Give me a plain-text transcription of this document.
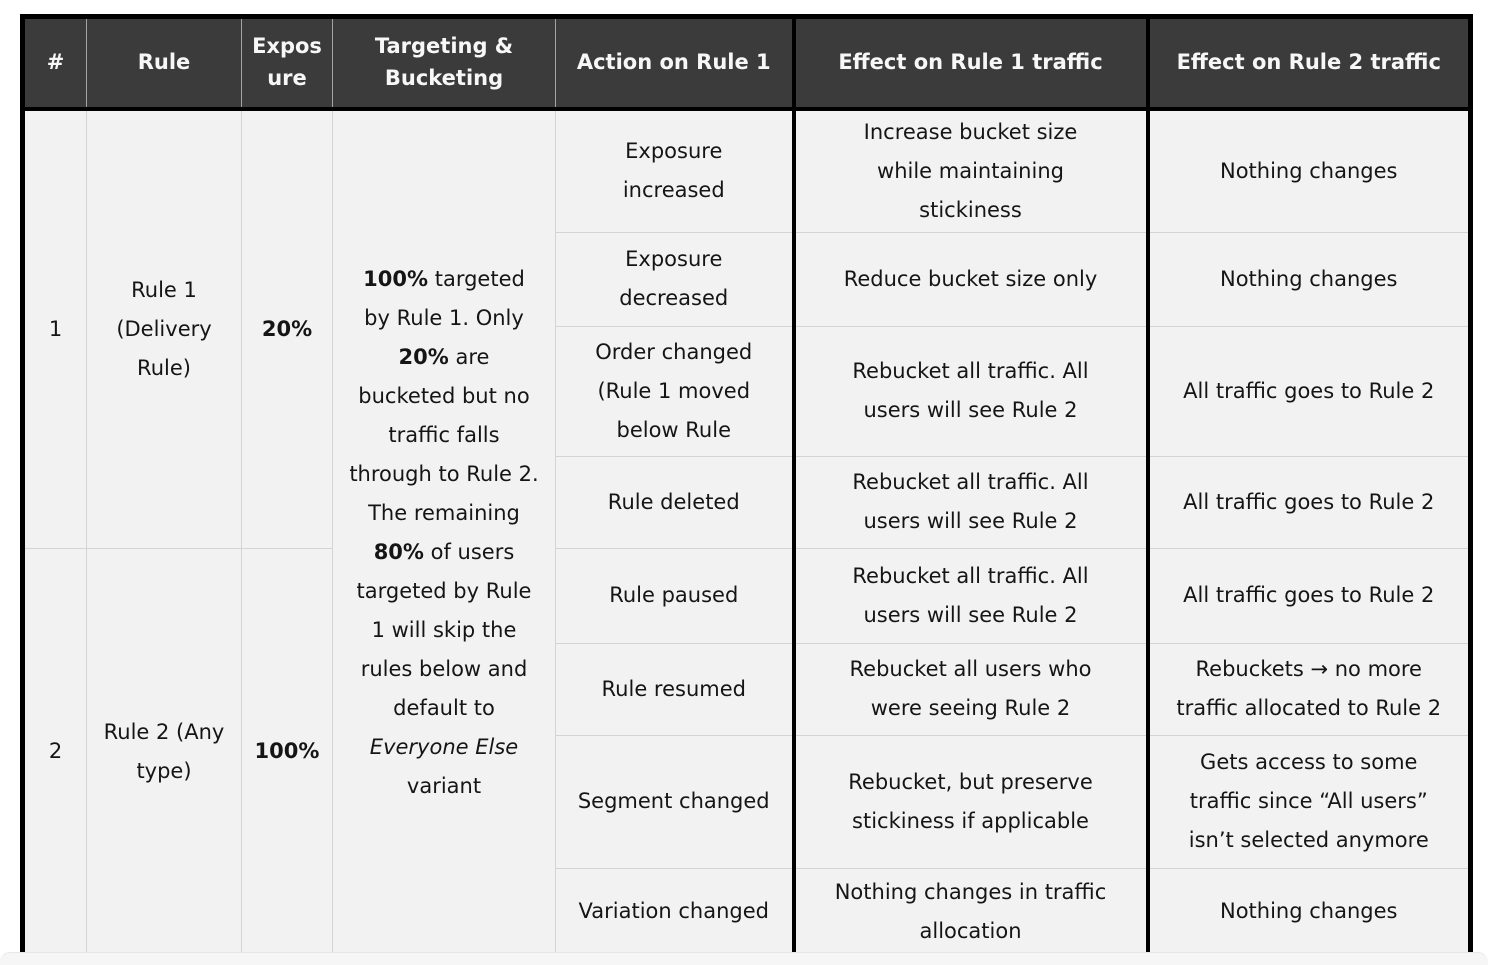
#	Rule	Exposure	Targeting & Bucketing	Action on Rule 1	Effect on Rule 1 traffic	Effect on Rule 2 traffic
1	Rule 1 (Delivery Rule)	20%	100% targeted by Rule 1. Only 20% are bucketed but no traffic falls through to Rule 2. The remaining 80% of users targeted by Rule 1 will skip the rules below and default to Everyone Else variant	Exposure increased	Increase bucket size while maintaining stickiness	Nothing changes
				Exposure decreased	Reduce bucket size only	Nothing changes
				Order changed (Rule 1 moved below Rule	Rebucket all traffic. All users will see Rule 2	All traffic goes to Rule 2
				Rule deleted	Rebucket all traffic. All users will see Rule 2	All traffic goes to Rule 2
2	Rule 2 (Any type)	100%		Rule paused	Rebucket all traffic. All users will see Rule 2	All traffic goes to Rule 2
				Rule resumed	Rebucket all users who were seeing Rule 2	Rebuckets → no more traffic allocated to Rule 2
				Segment changed	Rebucket, but preserve stickiness if applicable	Gets access to some traffic since “All users” isn’t selected anymore
				Variation changed	Nothing changes in traffic allocation	Nothing changes
